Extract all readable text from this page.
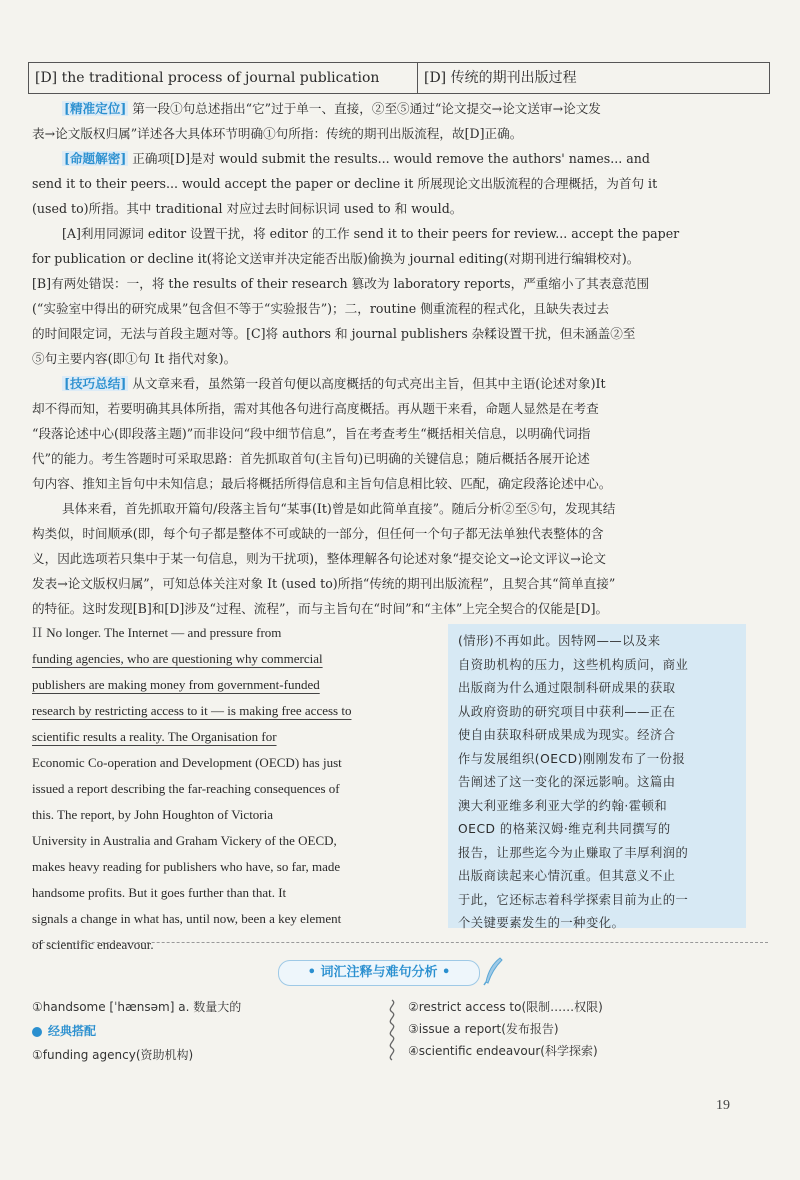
[D] the traditional process of journal publication	[D] 传统的期刊出版过程
[精准定位] 第一段①句总述指出“它”过于单一、直接，②至⑤通过“论文提交→论文送审→论文发
表→论文版权归属”详述各大具体环节明确①句所指：传统的期刊出版流程，故[D]正确。
[命题解密] 正确项[D]是对 would submit the results... would remove the authors' names... and
send it to their peers... would accept the paper or decline it 所展现论文出版流程的合理概括，为首句 it
(used to)所指。其中 traditional 对应过去时间标识词 used to 和 would。
[A]利用同源词 editor 设置干扰，将 editor 的工作 send it to their peers for review... accept the paper
for publication or decline it(将论文送审并决定能否出版)偷换为 journal editing(对期刊进行编辑校对)。
[B]有两处错误：一，将 the results of their research 篡改为 laboratory reports，严重缩小了其表意范围
(“实验室中得出的研究成果”包含但不等于“实验报告”)；二，routine 侧重流程的程式化，且缺失表过去
的时间限定词，无法与首段主题对等。[C]将 authors 和 journal publishers 杂糅设置干扰，但未涵盖②至
⑤句主要内容(即①句 It 指代对象)。
[技巧总结] 从文章来看，虽然第一段首句便以高度概括的句式亮出主旨，但其中主语(论述对象)It
却不得而知，若要明确其具体所指，需对其他各句进行高度概括。再从题干来看，命题人显然是在考查
“段落论述中心(即段落主题)”而非设问“段中细节信息”，旨在考查考生“概括相关信息，以明确代词指
代”的能力。考生答题时可采取思路：首先抓取首句(主旨句)已明确的关键信息；随后概括各展开论述
句内容、推知主旨句中未知信息；最后将概括所得信息和主旨句信息相比较、匹配，确定段落论述中心。
具体来看，首先抓取开篇句/段落主旨句“某事(It)曾是如此简单直接”。随后分析②至⑤句，发现其结
构类似，时间顺承(即，每个句子都是整体不可或缺的一部分，但任何一个句子都无法单独代表整体的含
义，因此选项若只集中于某一句信息，则为干扰项)，整体理解各句论述对象“提交论文→论文评议→论文
发表→论文版权归属”，可知总体关注对象 It (used to)所指“传统的期刊出版流程”，且契合其“简单直接”
的特征。这时发现[B]和[D]涉及“过程、流程”，而与主旨句在“时间”和“主体”上完全契合的仅能是[D]。
II No longer. The Internet — and pressure from
funding agencies, who are questioning why commercial
publishers are making money from government-funded
research by restricting access to it — is making free access to
scientific results a reality. The Organisation for
Economic Co-operation and Development (OECD) has just
issued a report describing the far-reaching consequences of
this. The report, by John Houghton of Victoria
University in Australia and Graham Vickery of the OECD,
makes heavy reading for publishers who have, so far, made
handsome profits. But it goes further than that. It
signals a change in what has, until now, been a key element
of scientific endeavour.
(情形)不再如此。因特网——以及来
自资助机构的压力，这些机构质问，商业
出版商为什么通过限制科研成果的获取
从政府资助的研究项目中获利——正在
使自由获取科研成果成为现实。经济合
作与发展组织(OECD)刚刚发布了一份报
告阐述了这一变化的深远影响。这篇由
澳大利亚维多利亚大学的约翰·霍顿和
OECD 的格莱汉姆·维克利共同撰写的
报告，让那些迄今为止赚取了丰厚利润的
出版商读起来心情沉重。但其意义不止
于此，它还标志着科学探索目前为止的一
个关键要素发生的一种变化。
• 词汇注释与难句分析 •
①handsome [ˈhænsəm] a. 数量大的
经典搭配
①funding agency(资助机构)
②restrict access to(限制……权限)
③issue a report(发布报告)
④scientific endeavour(科学探索)
19
